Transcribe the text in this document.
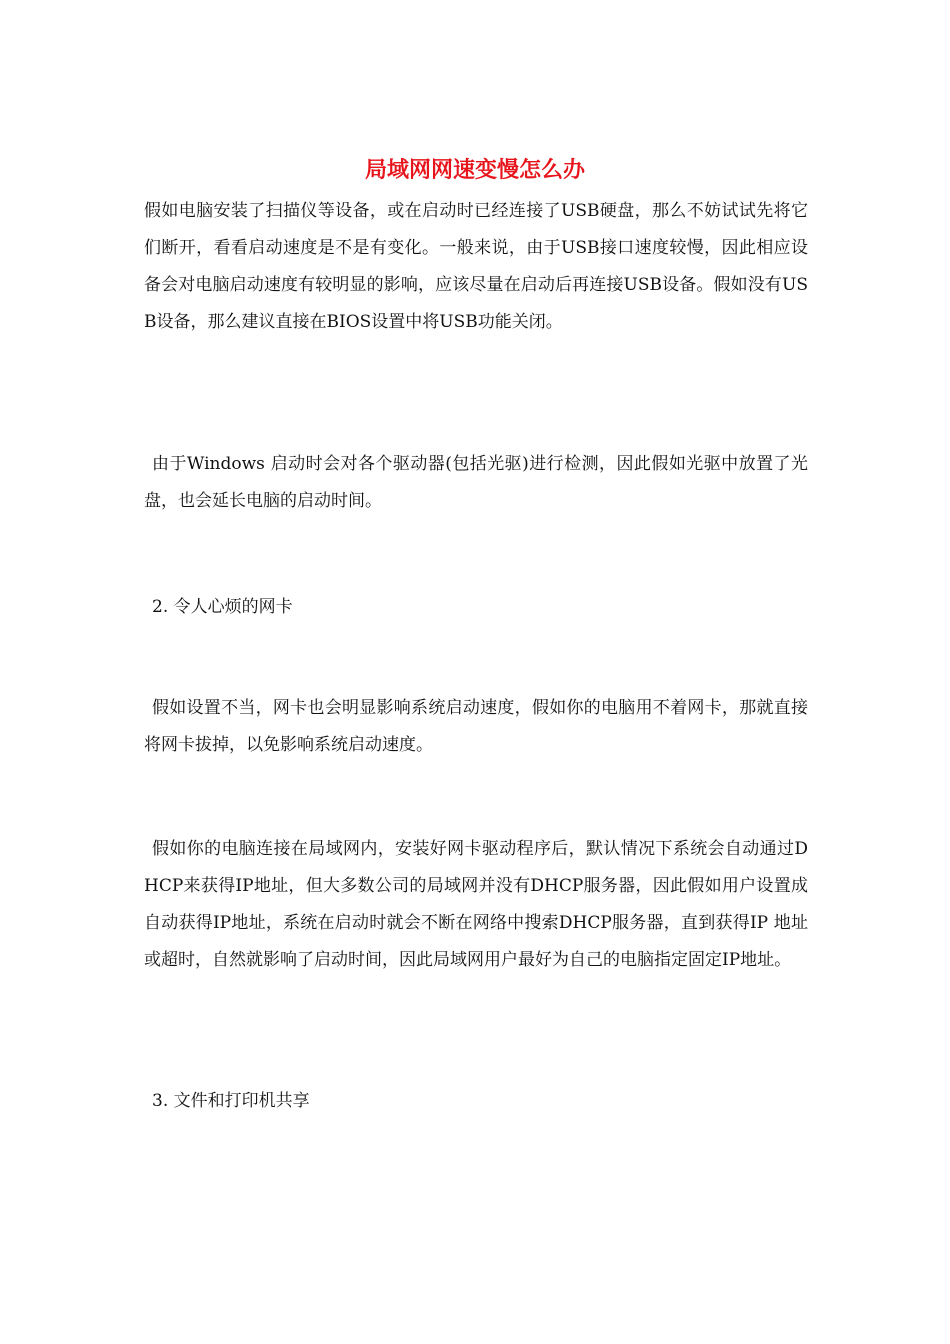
局域网网速变慢怎么办

假如电脑安装了扫描仪等设备，或在启动时已经连接了USB硬盘，那么不妨试试先将它们断开，看看启动速度是不是有变化。一般来说，由于USB接口速度较慢，因此相应设备会对电脑启动速度有较明显的影响，应该尽量在启动后再连接USB设备。假如没有USB设备，那么建议直接在BIOS设置中将USB功能关闭。

由于Windows 启动时会对各个驱动器(包括光驱)进行检测，因此假如光驱中放置了光盘，也会延长电脑的启动时间。

2. 令人心烦的网卡

假如设置不当，网卡也会明显影响系统启动速度，假如你的电脑用不着网卡，那就直接将网卡拔掉，以免影响系统启动速度。

假如你的电脑连接在局域网内，安装好网卡驱动程序后，默认情况下系统会自动通过DHCP来获得IP地址，但大多数公司的局域网并没有DHCP服务器，因此假如用户设置成自动获得IP地址，系统在启动时就会不断在网络中搜索DHCP服务器，直到获得IP 地址或超时，自然就影响了启动时间，因此局域网用户最好为自己的电脑指定固定IP地址。

3. 文件和打印机共享
